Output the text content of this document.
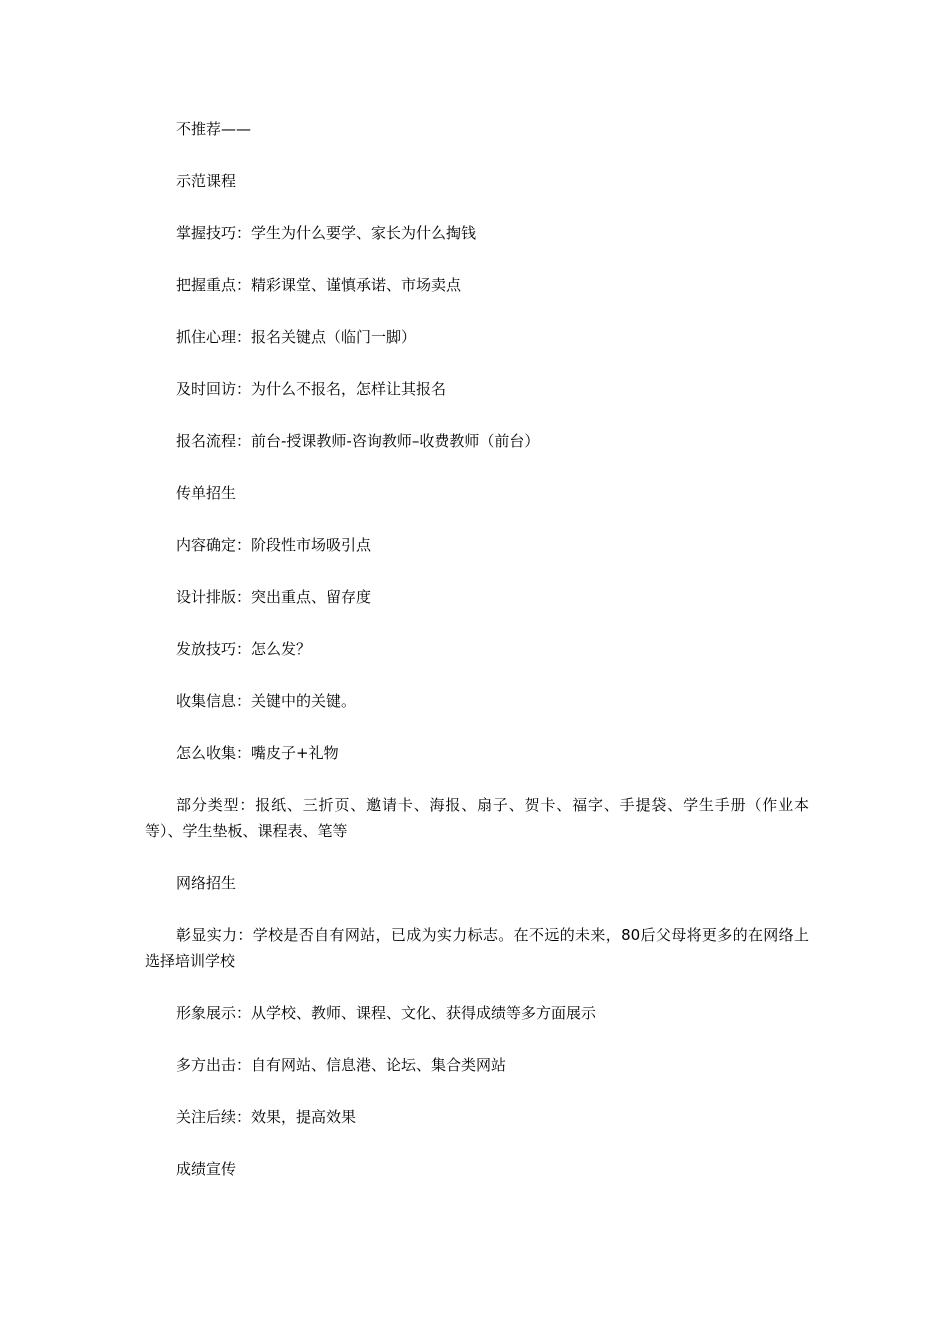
不推荐——

示范课程

掌握技巧：学生为什么要学、家长为什么掏钱

把握重点：精彩课堂、谨慎承诺、市场卖点

抓住心理：报名关键点（临门一脚）

及时回访：为什么不报名，怎样让其报名

报名流程：前台-授课教师-咨询教师–收费教师（前台）

传单招生

内容确定：阶段性市场吸引点

设计排版：突出重点、留存度

发放技巧：怎么发？

收集信息：关键中的关键。

怎么收集：嘴皮子+礼物

部分类型：报纸、三折页、邀请卡、海报、扇子、贺卡、福字、手提袋、学生手册（作业本等）、学生垫板、课程表、笔等

网络招生

彰显实力：学校是否自有网站，已成为实力标志。在不远的未来，80后父母将更多的在网络上选择培训学校

形象展示：从学校、教师、课程、文化、获得成绩等多方面展示

多方出击：自有网站、信息港、论坛、集合类网站

关注后续：效果，提高效果

成绩宣传
